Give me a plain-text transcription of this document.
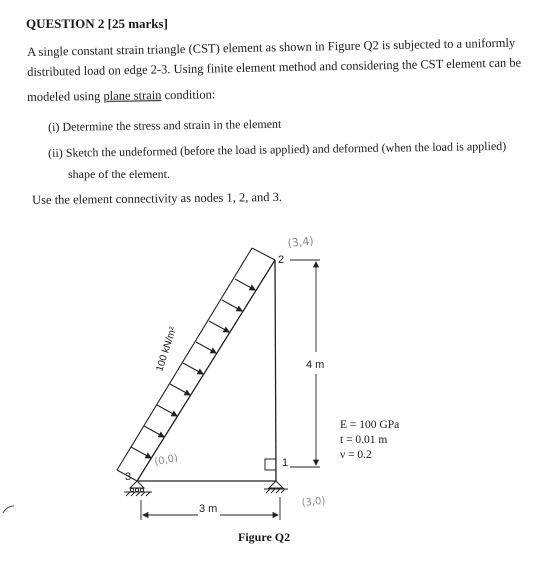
QUESTION 2 [25 marks]
A single constant strain triangle (CST) element as shown in Figure Q2 is subjected to a uniformly
distributed load on edge 2-3. Using finite element method and considering the CST element can be
modeled using plane strain condition:
(i) Determine the stress and strain in the element
(ii) Sketch the undeformed (before the load is applied) and deformed (when the load is applied)
shape of the element.
Use the element connectivity as nodes 1, 2, and 3.
100 kN/m²
3
2
1
4 m
3 m
E = 100 GPa
t = 0.01 m
ν = 0.2
(3,4)
(0,0)
(3,0)
Figure Q2
